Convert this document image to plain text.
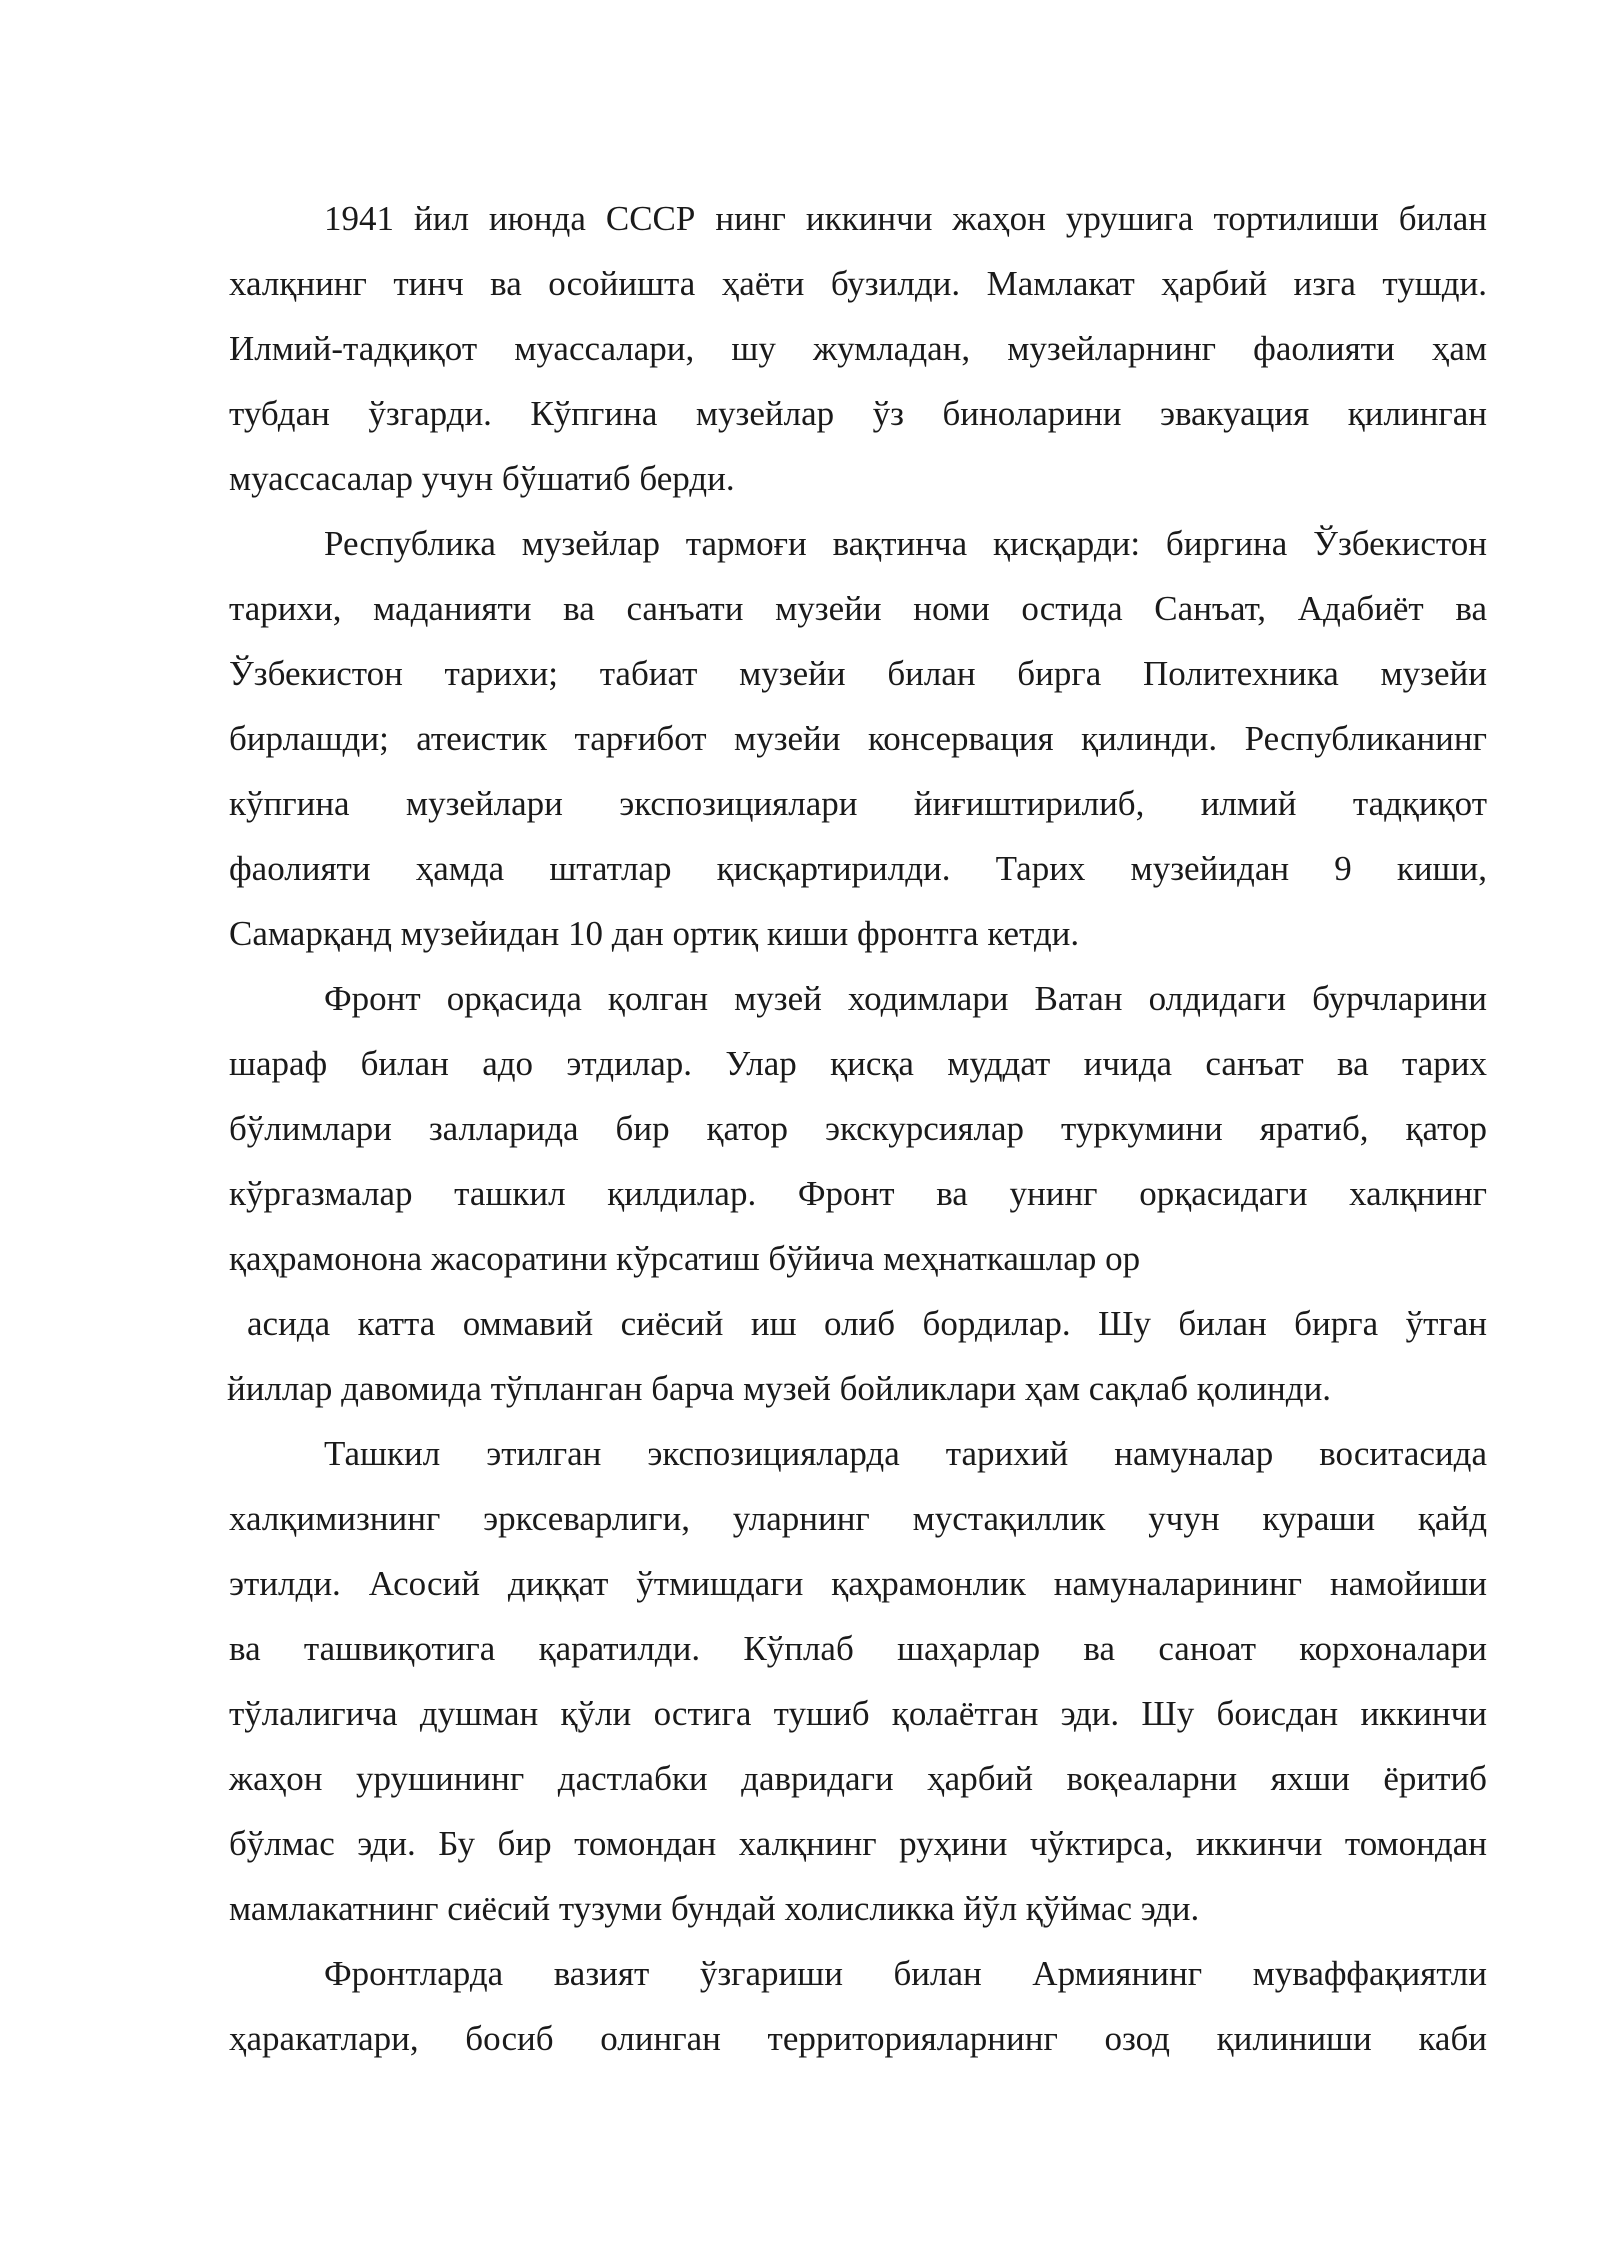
1941 йил июнда СССР нинг иккинчи жаҳон урушига тортилиши билан
халқнинг тинч ва осойишта ҳаёти бузилди. Мамлакат ҳарбий изга тушди.
Илмий-тадқиқот муассалари, шу жумладан, музейларнинг фаолияти ҳам
тубдан ўзгарди. Кўпгина музейлар ўз биноларини эвакуация қилинган
муассасалар учун бўшатиб берди.

Республика музейлар тармоғи вақтинча қисқарди: биргина Ўзбекистон
тарихи, маданияти ва санъати музейи номи остида Санъат, Адабиёт ва
Ўзбекистон тарихи; табиат музейи билан бирга Политехника музейи
бирлашди; атеистик тарғибот музейи консервация қилинди. Республиканинг
кўпгина музейлари экспозициялари йиғиштирилиб, илмий тадқиқот
фаолияти ҳамда штатлар қисқартирилди. Тарих музейидан 9 киши,
Самарқанд музейидан 10 дан ортиқ киши фронтга кетди.

Фронт орқасида қолган музей ходимлари Ватан олдидаги бурчларини
шараф билан адо этдилар. Улар қисқа муддат ичида санъат ва тарих
бўлимлари залларида бир қатор экскурсиялар туркумини яратиб, қатор
кўргазмалар ташкил қилдилар. Фронт ва унинг орқасидаги халқнинг
қаҳрамонона жасоратини кўрсатиш бўйича меҳнаткашлар ор

асида катта оммавий сиёсий иш олиб бордилар. Шу билан бирга ўтган
йиллар давомида тўпланган барча музей бойликлари ҳам сақлаб қолинди.

Ташкил этилган экспозицияларда тарихий намуналар воситасида
халқимизнинг эрксеварлиги, уларнинг мустақиллик учун кураши қайд
этилди. Асосий диққат ўтмишдаги қаҳрамонлик намуналарининг намойиши
ва ташвиқотига қаратилди. Кўплаб шаҳарлар ва саноат корхоналари
тўлалигича душман қўли остига тушиб қолаётган эди. Шу боисдан иккинчи
жаҳон урушининг дастлабки давридаги ҳарбий воқеаларни яхши ёритиб
бўлмас эди. Бу бир томондан халқнинг руҳини чўктирса, иккинчи томондан
мамлакатнинг сиёсий тузуми бундай холисликка йўл қўймас эди.

Фронтларда вазият ўзгариши билан Армиянинг муваффақиятли
ҳаракатлари, босиб олинган территорияларнинг озод қилиниши каби
